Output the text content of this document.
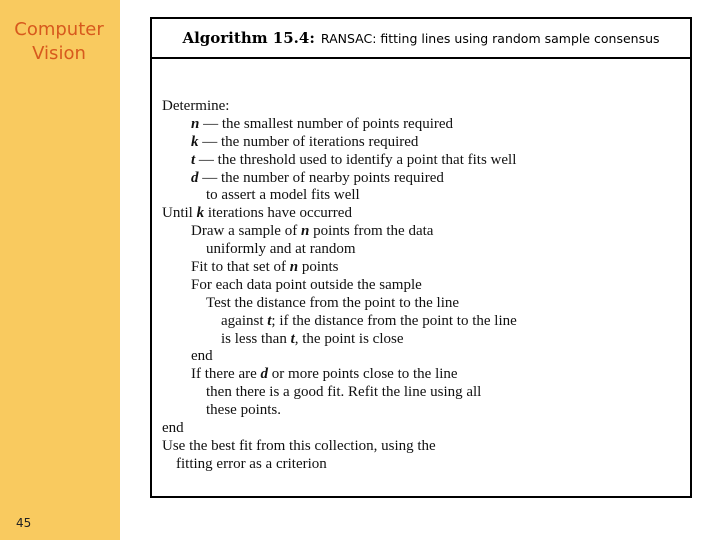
Computer
Vision
45
Algorithm 15.4: RANSAC: fitting lines using random sample consensus
Determine:
n — the smallest number of points required
k — the number of iterations required
t — the threshold used to identify a point that fits well
d — the number of nearby points required
to assert a model fits well
Until k iterations have occurred
Draw a sample of n points from the data
uniformly and at random
Fit to that set of n points
For each data point outside the sample
Test the distance from the point to the line
against t; if the distance from the point to the line
is less than t, the point is close
end
If there are d or more points close to the line
then there is a good fit. Refit the line using all
these points.
end
Use the best fit from this collection, using the
fitting error as a criterion
